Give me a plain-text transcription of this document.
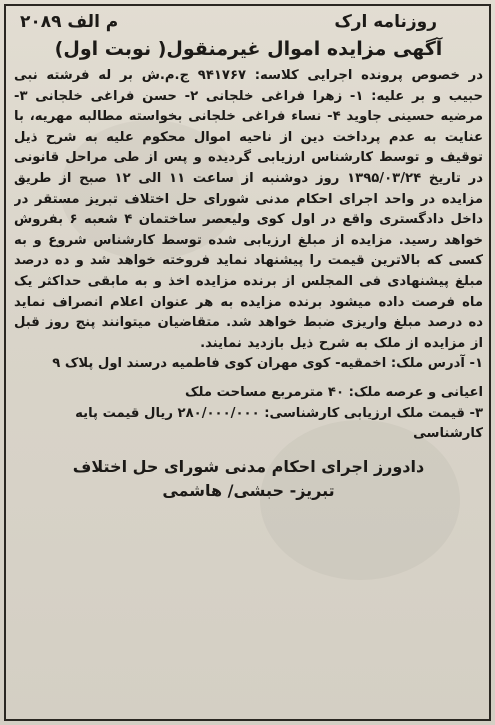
روزنامه ارک
م الف ۲۰۸۹
آگهی مزایده اموال غیرمنقول( نوبت اول)

در خصوص پرونده اجرایی کلاسه: ۹۴۱۷۶۷ ج.م.ش بر له فرشته نبی حبیب و بر علیه: ۱- زهرا فراغی خلجانی ۲- حسن فراغی خلجانی ۳- مرضیه حسینی جاوید ۴- نساء فراغی خلجانی بخواسته مطالبه مهریه، با عنایت به عدم پرداخت دین از ناحیه اموال محکوم علیه به شرح ذیل توقیف و توسط کارشناس ارزیابی گردیده و پس از طی مراحل قانونی در تاریخ ۱۳۹۵/۰۳/۲۴ روز دوشنبه از ساعت ۱۱ الی ۱۲ صبح از طریق مزایده در واحد اجرای احکام مدنی شورای حل اختلاف تبریز مستقر در داخل دادگستری واقع در اول کوی ولیعصر ساختمان ۴ شعبه ۶ بفروش خواهد رسید. مزایده از مبلغ ارزیابی شده توسط کارشناس شروع و به کسی که بالاترین قیمت را پیشنهاد نماید فروخته خواهد شد و ده درصد مبلغ پیشنهادی فی المجلس از برنده مزایده اخذ و به مابقی حداکثر یک ماه فرصت داده میشود برنده مزایده به هر عنوان اعلام انصراف نماید ده درصد مبلغ واریزی ضبط خواهد شد. متقاضیان میتوانند پنج روز قبل از مزایده از ملک به شرح ذیل بازدید نمایند.

۱- آدرس ملک: اخمقیه- کوی مهران کوی فاطمیه درسند اول پلاک ۹

اعیانی و عرصه ملک: ۴۰ مترمربع مساحت ملک

۳- قیمت ملک ارزیابی کارشناسی: ۲۸۰/۰۰۰/۰۰۰ ریال قیمت پایه کارشناسی

دادورز اجرای احکام مدنی شورای حل اختلاف
تبریز- حبشی/ هاشمی
